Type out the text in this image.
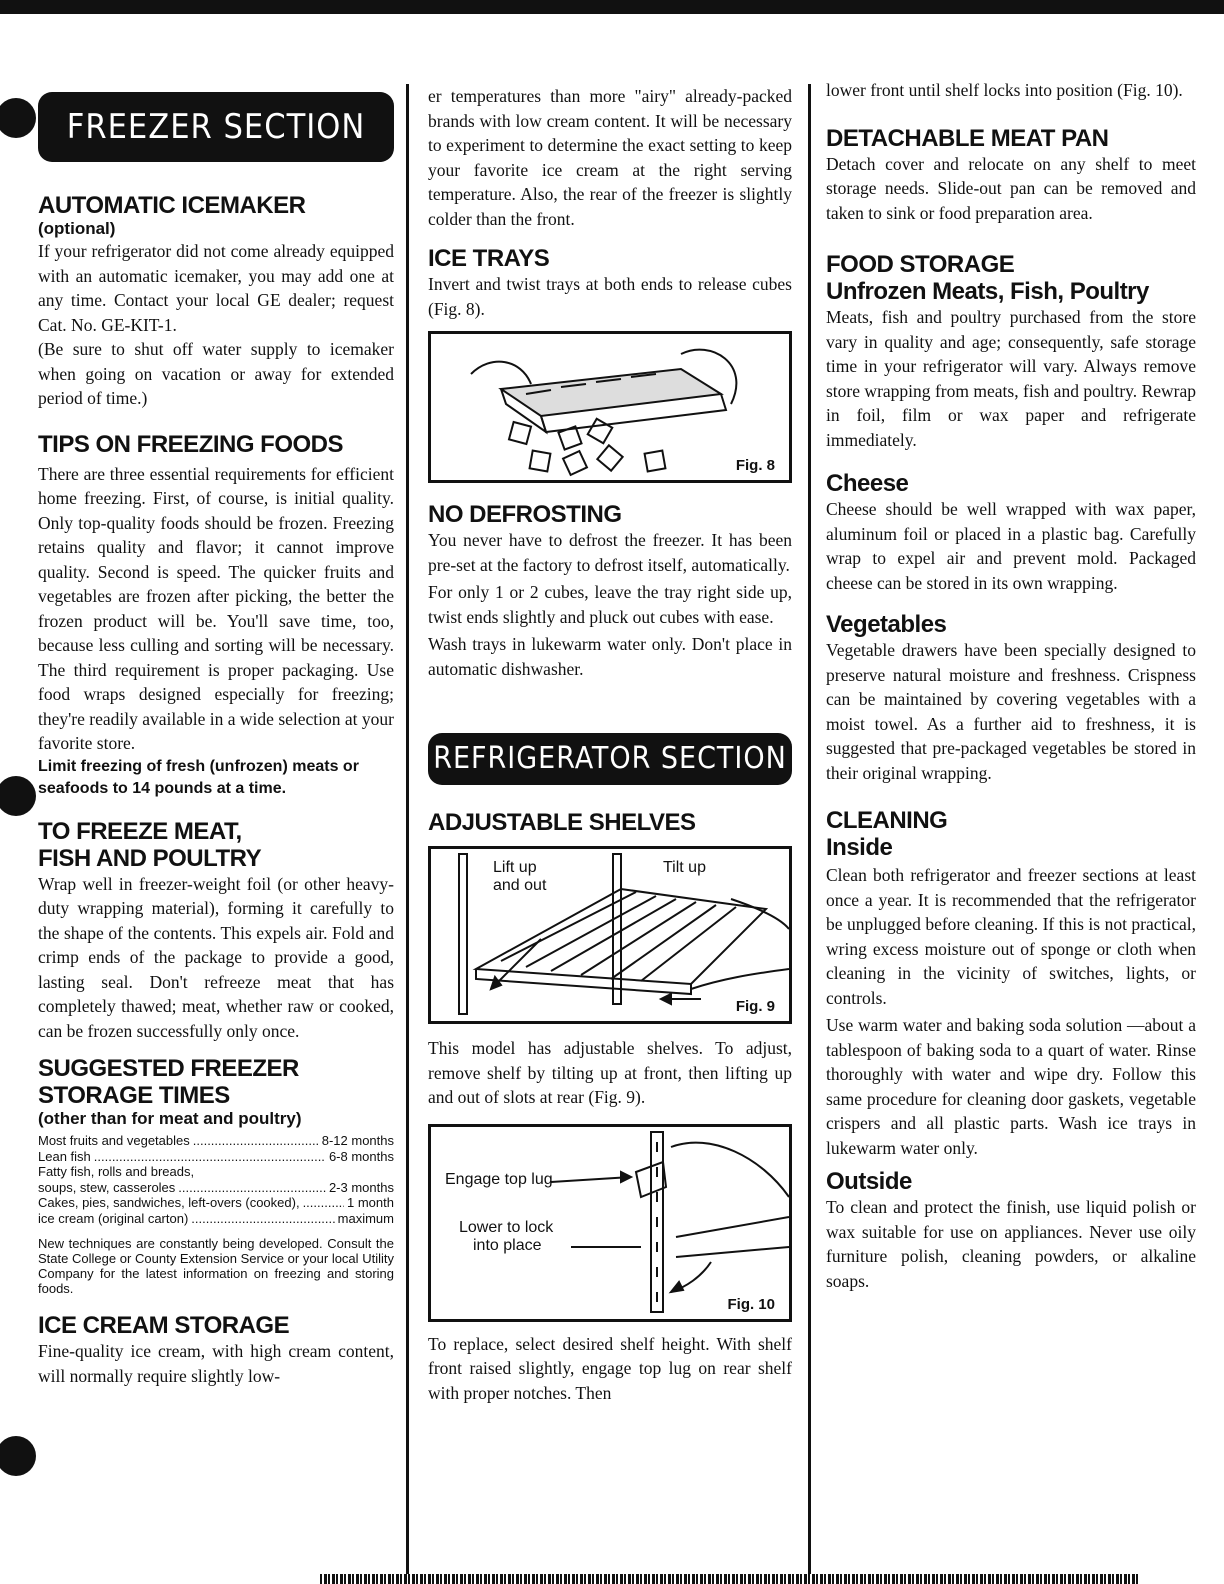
FREEZER SECTION

AUTOMATIC ICEMAKER

(optional)

If your refrigerator did not come already equipped with an automatic icemaker, you may add one at any time. Contact your local GE dealer; request Cat. No. GE-KIT-1.

(Be sure to shut off water supply to icemaker when going on vacation or away for extended period of time.)

TIPS ON FREEZING FOODS

There are three essential requirements for efficient home freezing. First, of course, is initial quality. Only top-quality foods should be frozen. Freezing retains quality and flavor; it cannot improve quality. Second is speed. The quicker fruits and vegetables are frozen after picking, the better the frozen product will be. You'll save time, too, because less culling and sorting will be necessary. The third requirement is proper packaging. Use food wraps designed especially for freezing; they're readily available in a wide selection at your favorite store.

Limit freezing of fresh (unfrozen) meats or seafoods to 14 pounds at a time.

TO FREEZE MEAT,

FISH AND POULTRY

Wrap well in freezer-weight foil (or other heavy-duty wrapping material), forming it carefully to the shape of the contents. This expels air. Fold and crimp ends of the package to provide a good, lasting seal. Don't refreeze meat that has completely thawed; meat, whether raw or cooked, can be frozen successfully only once.

SUGGESTED FREEZER

STORAGE TIMES

(other than for meat and poultry)

Most fruits and vegetables .....	8-12 months
Lean fish .....	6-8 months
Fatty fish, rolls and breads,
soups, stew, casseroles .....	2-3 months
Cakes, pies, sandwiches, left-overs (cooked), .....	1 month
ice cream (original carton) .....	maximum

New techniques are constantly being developed. Consult the State College or County Extension Service or your local Utility Company for the latest information on freezing and storing foods.

ICE CREAM STORAGE

Fine-quality ice cream, with high cream content, will normally require slightly low-

er temperatures than more "airy" already-packed brands with low cream content. It will be necessary to experiment to determine the exact setting to keep your favorite ice cream at the right serving temperature. Also, the rear of the freezer is slightly colder than the front.

ICE TRAYS

Invert and twist trays at both ends to release cubes (Fig. 8).

Fig. 8

NO DEFROSTING

You never have to defrost the freezer. It has been pre-set at the factory to defrost itself, automatically.

For only 1 or 2 cubes, leave the tray right side up, twist ends slightly and pluck out cubes with ease.

Wash trays in lukewarm water only. Don't place in automatic dishwasher.

REFRIGERATOR SECTION

ADJUSTABLE SHELVES

Lift up
and out
Tilt up
Fig. 9

This model has adjustable shelves. To adjust, remove shelf by tilting up at front, then lifting up and out of slots at rear (Fig. 9).

Engage top lug
Lower to lock
into place
Fig. 10

To replace, select desired shelf height. With shelf front raised slightly, engage top lug on rear shelf with proper notches. Then

lower front until shelf locks into position (Fig. 10).

DETACHABLE MEAT PAN

Detach cover and relocate on any shelf to meet storage needs. Slide-out pan can be removed and taken to sink or food preparation area.

FOOD STORAGE

Unfrozen Meats, Fish, Poultry

Meats, fish and poultry purchased from the store vary in quality and age; consequently, safe storage time in your refrigerator will vary. Always remove store wrapping from meats, fish and poultry. Rewrap in foil, film or wax paper and refrigerate immediately.

Cheese

Cheese should be well wrapped with wax paper, aluminum foil or placed in a plastic bag. Carefully wrap to expel air and prevent mold. Packaged cheese can be stored in its own wrapping.

Vegetables

Vegetable drawers have been specially designed to preserve natural moisture and freshness. Crispness can be maintained by covering vegetables with a moist towel. As a further aid to freshness, it is suggested that pre-packaged vegetables be stored in their original wrapping.

CLEANING

Inside

Clean both refrigerator and freezer sections at least once a year. It is recommended that the refrigerator be unplugged before cleaning. If this is not practical, wring excess moisture out of sponge or cloth when cleaning in the vicinity of switches, lights, or controls.

Use warm water and baking soda solution —about a tablespoon of baking soda to a quart of water. Rinse thoroughly with water and wipe dry. Follow this same procedure for cleaning door gaskets, vegetable crispers and all plastic parts. Wash ice trays in lukewarm water only.

Outside

To clean and protect the finish, use liquid polish or wax suitable for use on appliances. Never use oily furniture polish, cleaning powders, or alkaline soaps.
